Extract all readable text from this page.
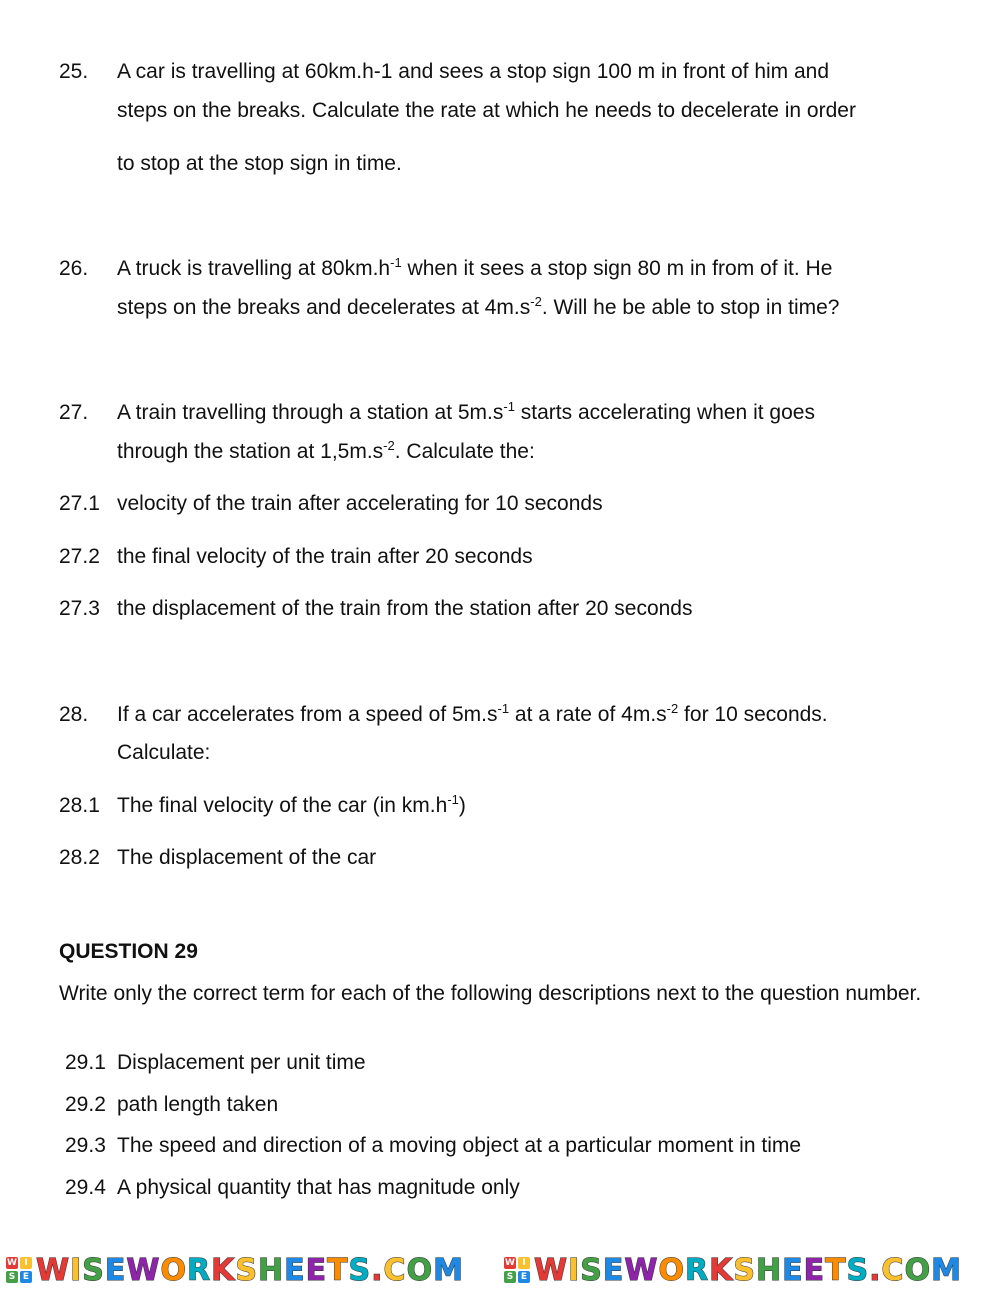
25. A car is travelling at 60km.h-1 and sees a stop sign 100 m in front of him and
steps on the breaks. Calculate the rate at which he needs to decelerate in order
to stop at the stop sign in time.
26. A truck is travelling at $80km.h^{-1}$ when it sees a stop sign 80 m in from of it. He
steps on the breaks and decelerates at $4m.s^{-2}$. Will he be able to stop in time?
27. A train travelling through a station at $5m.s^{-1}$ starts accelerating when it goes
through the station at $1,5m.s^{-2}$. Calculate the:
27.1 velocity of the train after accelerating for 10 seconds
27.2 the final velocity of the train after 20 seconds
27.3 the displacement of the train from the station after 20 seconds
28. If a car accelerates from a speed of $5m.s^{-1}$ at a rate of $4m.s^{-2}$ for 10 seconds.
Calculate:
28.1 The final velocity of the car (in $km.h^{-1}$)
28.2 The displacement of the car
QUESTION 29
Write only the correct term for each of the following descriptions next to the question number.
29.1 Displacement per unit time
29.2 path length taken
29.3 The speed and direction of a moving object at a particular moment in time
29.4 A physical quantity that has magnitude only
W I
S E W I S E W O R K S H E E T S . C O M	W I
S E W I S E W O R K S H E E T S . C O M
